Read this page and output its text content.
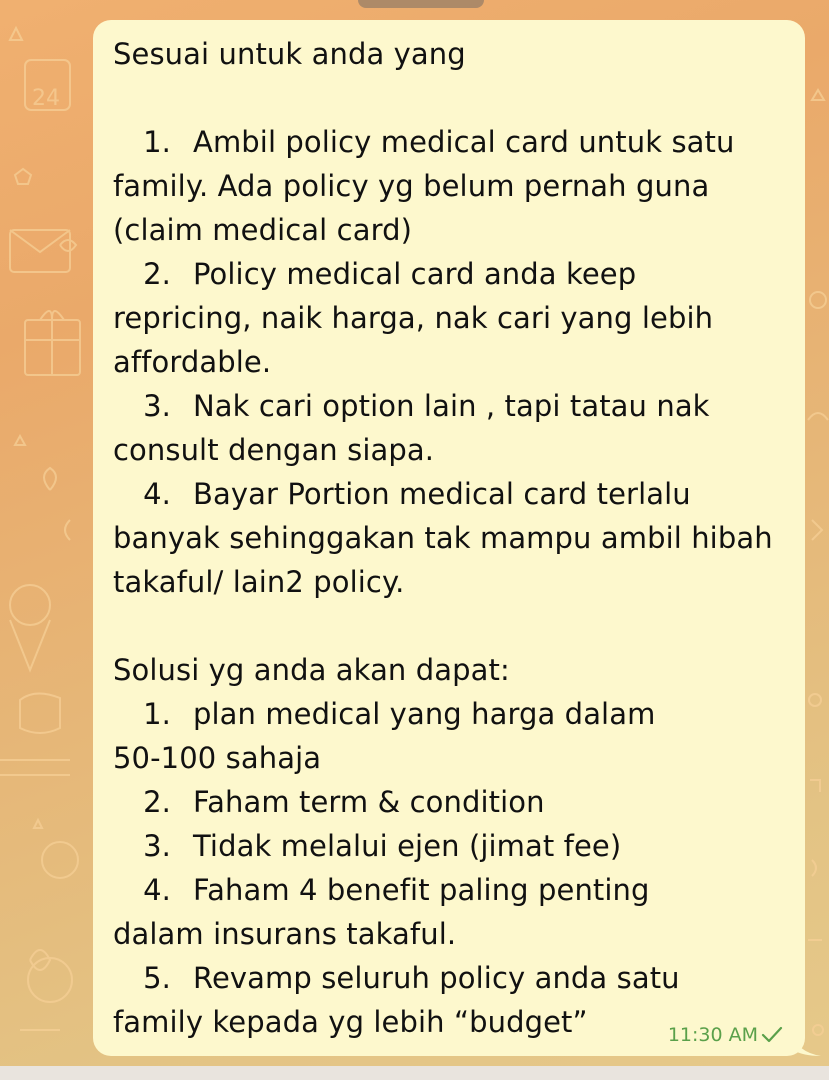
24
Sesuai untuk anda yang
1. Ambil policy medical card untuk satu
family. Ada policy yg belum pernah guna
(claim medical card)
2. Policy medical card anda keep
repricing, naik harga, nak cari yang lebih
affordable.
3. Nak cari option lain , tapi tatau nak
consult dengan siapa.
4. Bayar Portion medical card terlalu
banyak sehinggakan tak mampu ambil hibah
takaful/ lain2 policy.
Solusi yg anda akan dapat:
1. plan medical yang harga dalam
50-100 sahaja
2. Faham term & condition
3. Tidak melalui ejen (jimat fee)
4. Faham 4 benefit paling penting
dalam insurans takaful.
5. Revamp seluruh policy anda satu
family kepada yg lebih “budget”	11:30 AM
